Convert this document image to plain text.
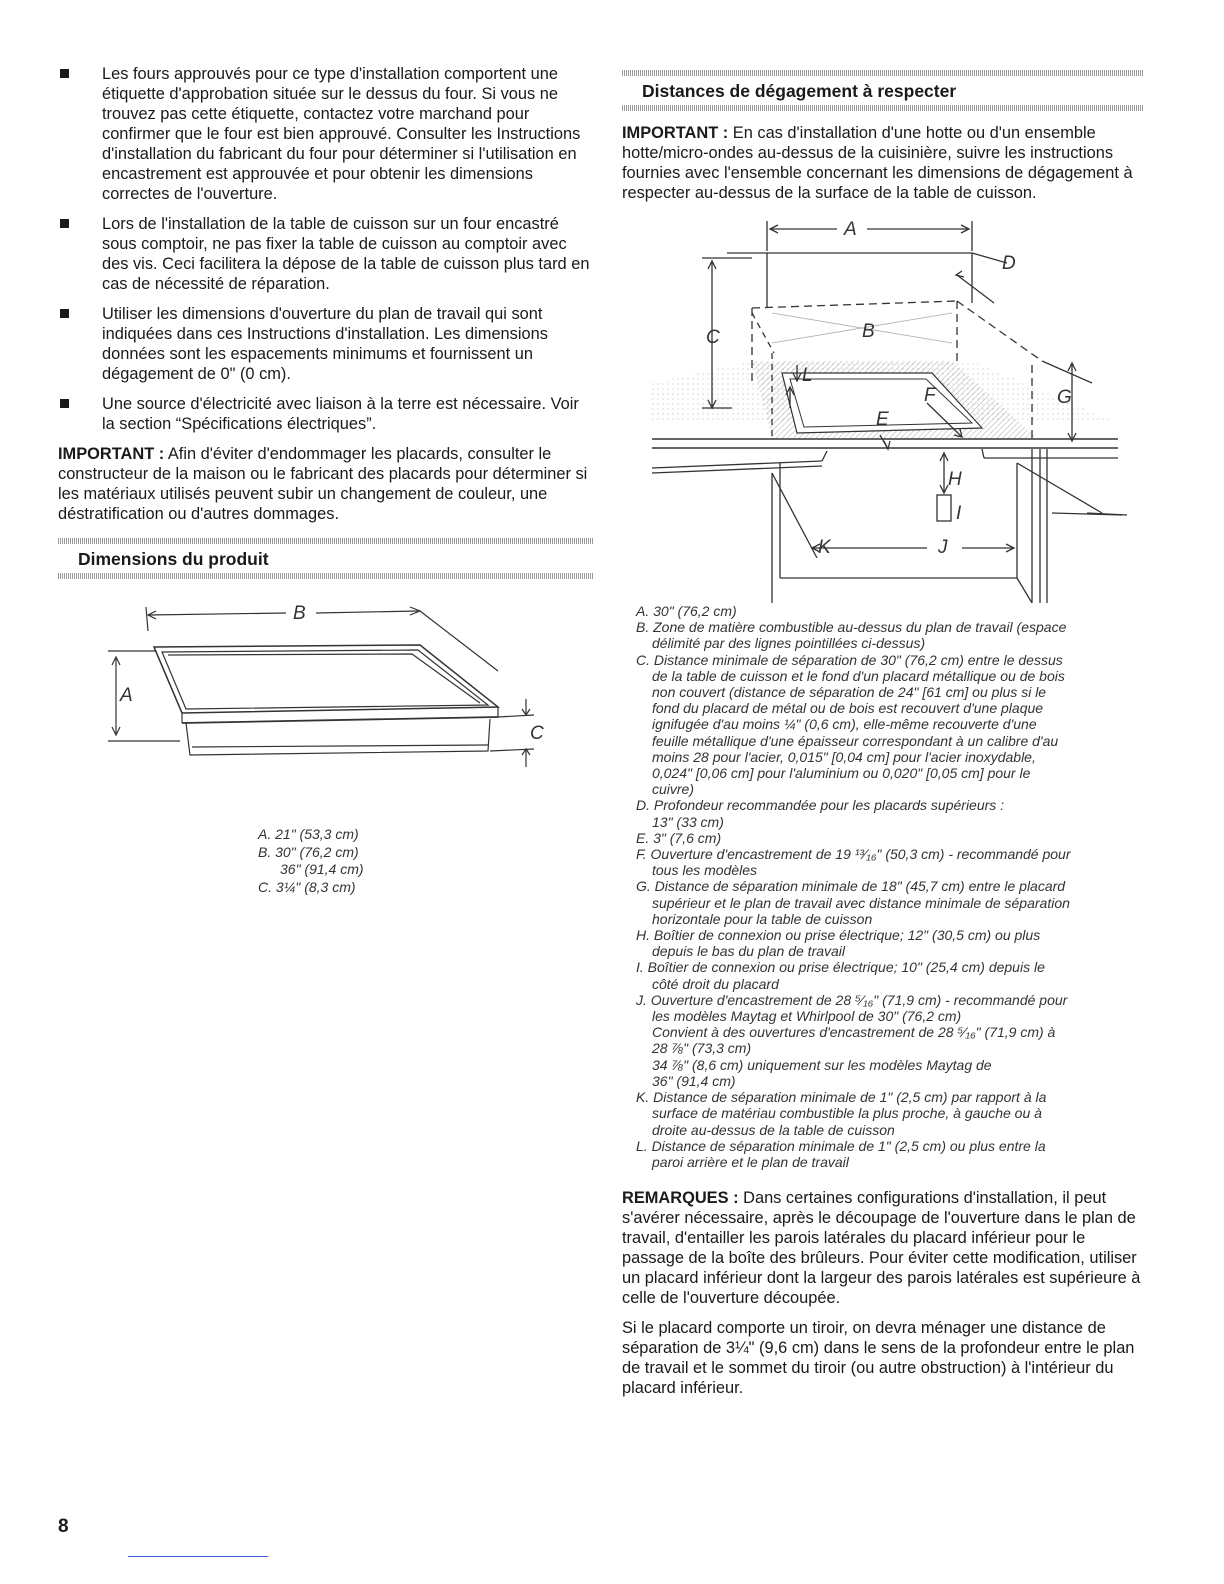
Les fours approuvés pour ce type d'installation comportent une étiquette d'approbation située sur le dessus du four. Si vous ne trouvez pas cette étiquette, contactez votre marchand pour confirmer que le four est bien approuvé. Consulter les Instructions d'installation du fabricant du four pour déterminer si l'utilisation en encastrement est approuvée et pour obtenir les dimensions correctes de l'ouverture.
Lors de l'installation de la table de cuisson sur un four encastré sous comptoir, ne pas fixer la table de cuisson au comptoir avec des vis. Ceci facilitera la dépose de la table de cuisson plus tard en cas de nécessité de réparation.
Utiliser les dimensions d'ouverture du plan de travail qui sont indiquées dans ces Instructions d'installation. Les dimensions données sont les espacements minimums et fournissent un dégagement de 0" (0 cm).
Une source d'électricité avec liaison à la terre est nécessaire. Voir la section “Spécifications électriques”.

IMPORTANT : Afin d'éviter d'endommager les placards, consulter le constructeur de la maison ou le fabricant des placards pour déterminer si les matériaux utilisés peuvent subir un changement de couleur, une déstratification ou d'autres dommages.

Dimensions du produit
B
A
C
A. 21" (53,3 cm)
B. 30" (76,2 cm)
36" (91,4 cm)
C. 3¼" (8,3 cm)
Distances de dégagement à respecter

IMPORTANT : En cas d'installation d'une hotte ou d'un ensemble hotte/micro-ondes au-dessus de la cuisinière, suivre les instructions fournies avec l'ensemble concernant les dimensions de dégagement à respecter au-dessus de la surface de la table de cuisson.

A
D
B
C
L
F
E
G
H
I
J
K
A. 30" (76,2 cm)
B. Zone de matière combustible au-dessus du plan de travail (espace
délimité par des lignes pointillées ci-dessus)
C. Distance minimale de séparation de 30" (76,2 cm) entre le dessus
de la table de cuisson et le fond d'un placard métallique ou de bois
non couvert (distance de séparation de 24" [61 cm] ou plus si le
fond du placard de métal ou de bois est recouvert d'une plaque
ignifugée d'au moins ¼" (0,6 cm), elle-même recouverte d'une
feuille métallique d'une épaisseur correspondant à un calibre d'au
moins 28 pour l'acier, 0,015" [0,04 cm] pour l'acier inoxydable,
0,024" [0,06 cm] pour l'aluminium ou 0,020" [0,05 cm] pour le
cuivre)
D. Profondeur recommandée pour les placards supérieurs :
13" (33 cm)
E. 3" (7,6 cm)
F. Ouverture d'encastrement de 19 ¹³⁄₁₆" (50,3 cm) - recommandé pour
tous les modèles
G. Distance de séparation minimale de 18" (45,7 cm) entre le placard
supérieur et le plan de travail avec distance minimale de séparation
horizontale pour la table de cuisson
H. Boîtier de connexion ou prise électrique; 12" (30,5 cm) ou plus
depuis le bas du plan de travail
I. Boîtier de connexion ou prise électrique; 10" (25,4 cm) depuis le
côté droit du placard
J. Ouverture d'encastrement de 28 ⁵⁄₁₆" (71,9 cm) - recommandé pour
les modèles Maytag et Whirlpool de 30" (76,2 cm)
Convient à des ouvertures d'encastrement de 28 ⁵⁄₁₆" (71,9 cm) à
28 ⅞" (73,3 cm)
34 ⅞" (8,6 cm) uniquement sur les modèles Maytag de
36" (91,4 cm)
K. Distance de séparation minimale de 1" (2,5 cm) par rapport à la
surface de matériau combustible la plus proche, à gauche ou à
droite au-dessus de la table de cuisson
L. Distance de séparation minimale de 1" (2,5 cm) ou plus entre la
paroi arrière et le plan de travail

REMARQUES : Dans certaines configurations d'installation, il peut s'avérer nécessaire, après le découpage de l'ouverture dans le plan de travail, d'entailler les parois latérales du placard inférieur pour le passage de la boîte des brûleurs. Pour éviter cette modification, utiliser un placard inférieur dont la largeur des parois latérales est supérieure à celle de l'ouverture découpée.

Si le placard comporte un tiroir, on devra ménager une distance de séparation de 3¼" (9,6 cm) dans le sens de la profondeur entre le plan de travail et le sommet du tiroir (ou autre obstruction) à l'intérieur du placard inférieur.

8
